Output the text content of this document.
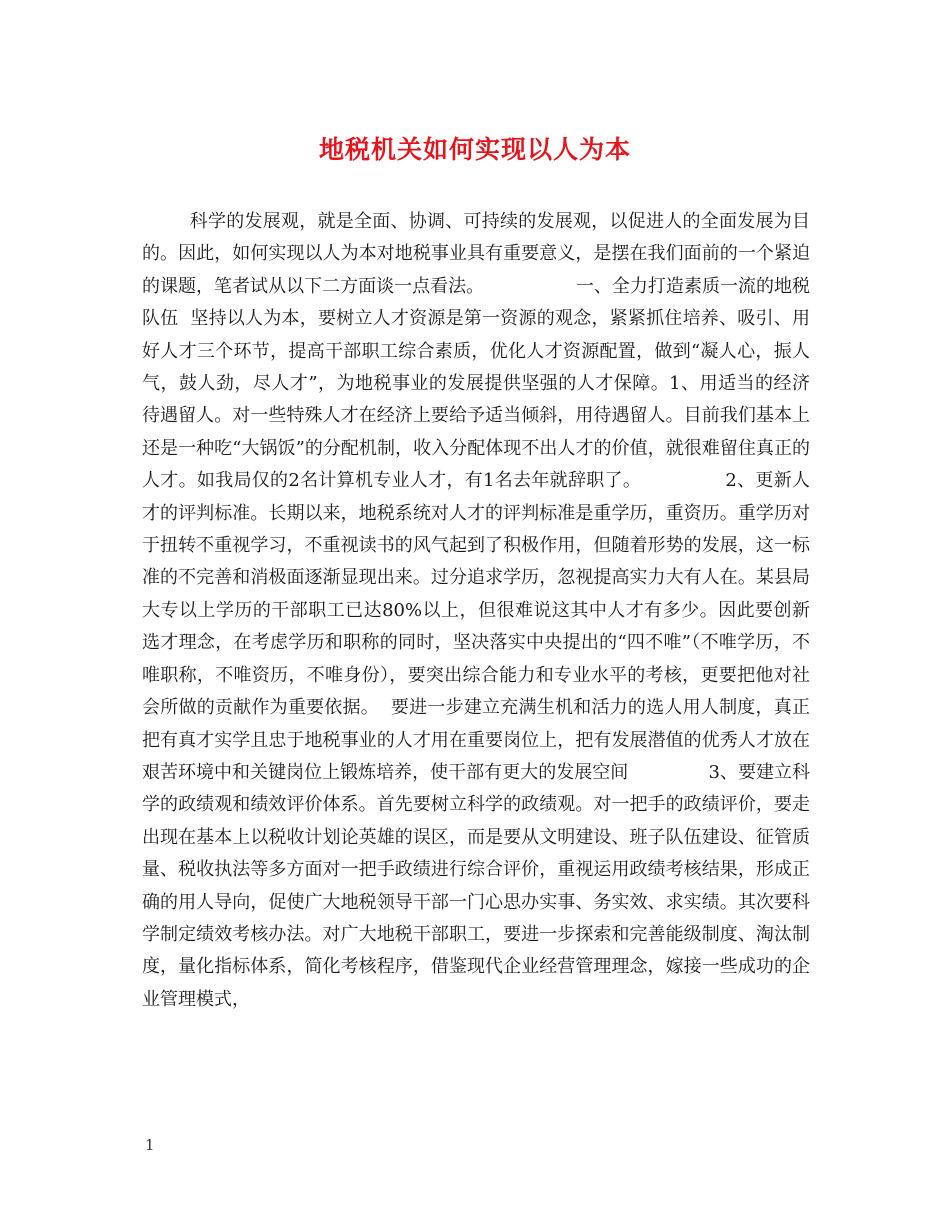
地税机关如何实现以人为本

科学的发展观，就是全面、协调、可持续的发展观，以促进人的全面发展为目的。因此，如何实现以人为本对地税事业具有重要意义，是摆在我们面前的一个紧迫的课题，笔者试从以下二方面谈一点看法。                一、全力打造素质一流的地税队伍  坚持以人为本，要树立人才资源是第一资源的观念，紧紧抓住培养、吸引、用好人才三个环节，提高干部职工综合素质，优化人才资源配置，做到“凝人心，振人气，鼓人劲，尽人才”，为地税事业的发展提供坚强的人才保障。1、用适当的经济待遇留人。对一些特殊人才在经济上要给予适当倾斜，用待遇留人。目前我们基本上还是一种吃“大锅饭”的分配机制，收入分配体现不出人才的价值，就很难留住真正的人才。如我局仅的2名计算机专业人才，有1名去年就辞职了。              2、更新人才的评判标准。长期以来，地税系统对人才的评判标准是重学历，重资历。重学历对于扭转不重视学习，不重视读书的风气起到了积极作用，但随着形势的发展，这一标准的不完善和消极面逐渐显现出来。过分追求学历，忽视提高实力大有人在。某县局大专以上学历的干部职工已达80%以上，但很难说这其中人才有多少。因此要创新选才理念，在考虑学历和职称的同时，坚决落实中央提出的“四不唯”（不唯学历，不唯职称，不唯资历，不唯身份），要突出综合能力和专业水平的考核，更要把他对社会所做的贡献作为重要依据。  要进一步建立充满生机和活力的选人用人制度，真正把有真才实学且忠于地税事业的人才用在重要岗位上，把有发展潜值的优秀人才放在艰苦环境中和关键岗位上锻炼培养，使干部有更大的发展空间              3、要建立科学的政绩观和绩效评价体系。首先要树立科学的政绩观。对一把手的政绩评价，要走出现在基本上以税收计划论英雄的误区，而是要从文明建设、班子队伍建设、征管质量、税收执法等多方面对一把手政绩进行综合评价，重视运用政绩考核结果，形成正确的用人导向，促使广大地税领导干部一门心思办实事、务实效、求实绩。其次要科学制定绩效考核办法。对广大地税干部职工，要进一步探索和完善能级制度、淘汰制度，量化指标体系，简化考核程序，借鉴现代企业经营管理理念，嫁接一些成功的企业管理模式，

1
